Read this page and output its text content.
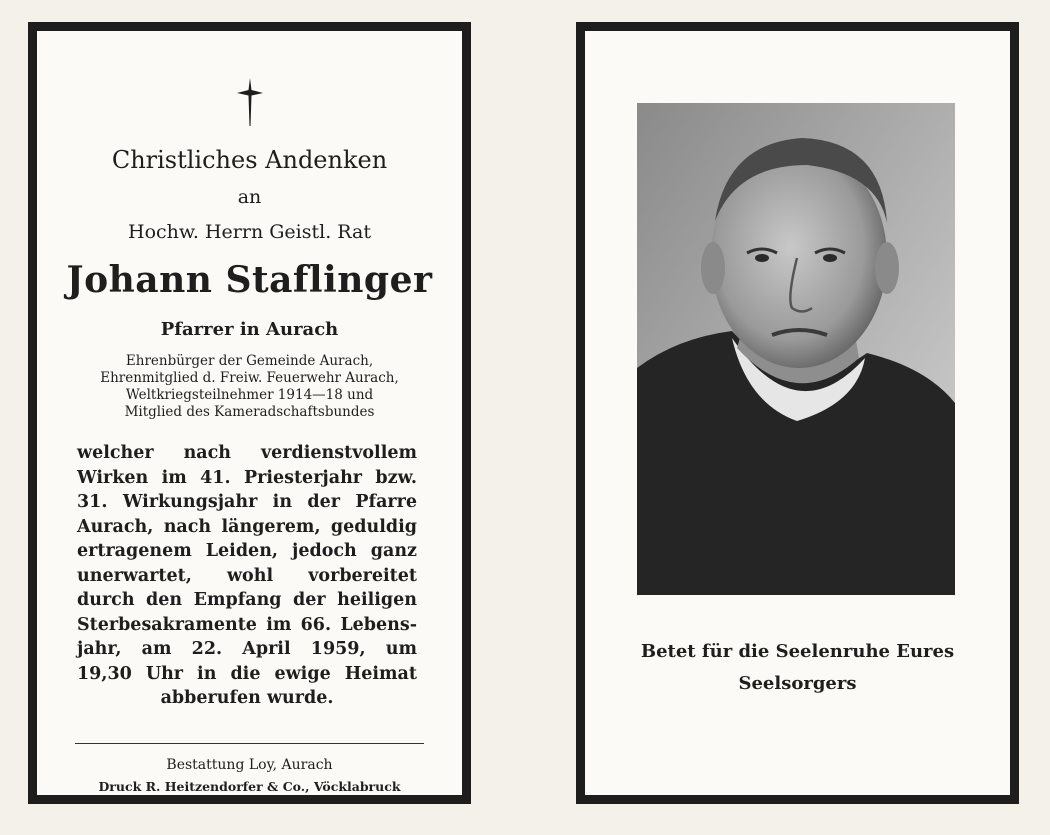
Christliches Andenken
an
Hochw. Herrn Geistl. Rat
Johann Staflinger
Pfarrer in Aurach
Ehrenbürger der Gemeinde Aurach,
Ehrenmitglied d. Freiw. Feuerwehr Aurach,
Weltkriegsteilnehmer 1914—18 und
Mitglied des Kameradschaftsbundes
welcher nach verdienstvollem
Wirken im 41. Priesterjahr bzw.
31. Wirkungsjahr in der Pfarre
Aurach, nach längerem, geduldig
ertragenem Leiden, jedoch ganz
unerwartet, wohl vorbereitet
durch den Empfang der heiligen
Sterbesakramente im 66. Lebens-
jahr, am 22. April 1959, um
19,30 Uhr in die ewige Heimat
abberufen wurde.
Bestattung Loy, Aurach
Druck R. Heitzendorfer & Co., Vöcklabruck
Betet für die Seelenruhe Eures
Seelsorgers
